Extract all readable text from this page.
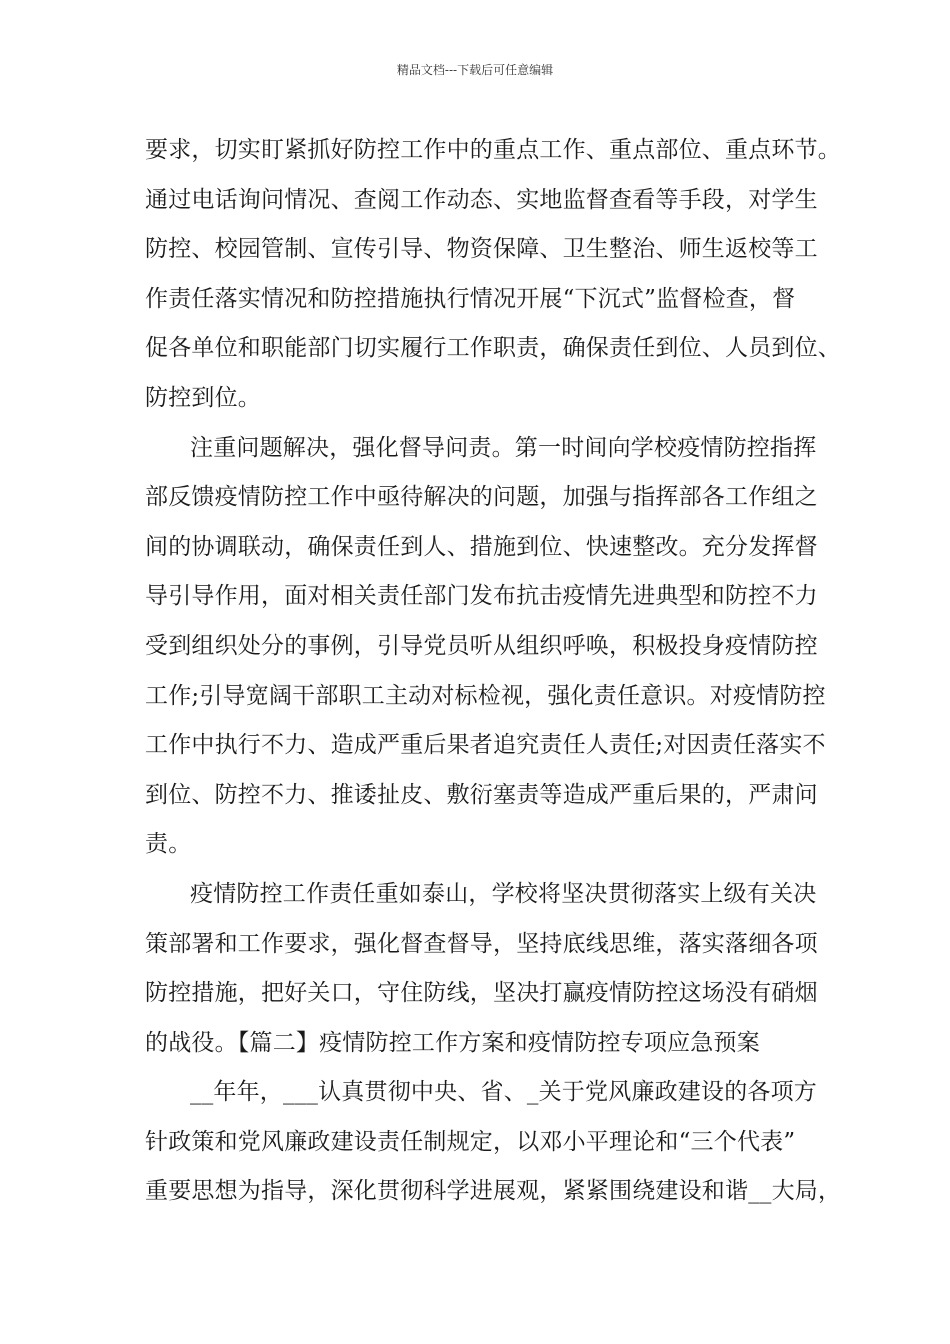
精品文档---下载后可任意编辑
要求，切实盯紧抓好防控工作中的重点工作、重点部位、重点环节。
通过电话询问情况、查阅工作动态、实地监督查看等手段，对学生
防控、校园管制、宣传引导、物资保障、卫生整治、师生返校等工
作责任落实情况和防控措施执行情况开展“下沉式”监督检查，督
促各单位和职能部门切实履行工作职责，确保责任到位、人员到位、
防控到位。
注重问题解决，强化督导问责。第一时间向学校疫情防控指挥
部反馈疫情防控工作中亟待解决的问题，加强与指挥部各工作组之
间的协调联动，确保责任到人、措施到位、快速整改。充分发挥督
导引导作用，面对相关责任部门发布抗击疫情先进典型和防控不力
受到组织处分的事例，引导党员听从组织呼唤，积极投身疫情防控
工作;引导宽阔干部职工主动对标检视，强化责任意识。对疫情防控
工作中执行不力、造成严重后果者追究责任人责任;对因责任落实不
到位、防控不力、推诿扯皮、敷衍塞责等造成严重后果的，严肃问
责。
疫情防控工作责任重如泰山，学校将坚决贯彻落实上级有关决
策部署和工作要求，强化督查督导，坚持底线思维，落实落细各项
防控措施，把好关口，守住防线，坚决打赢疫情防控这场没有硝烟
的战役。【篇二】疫情防控工作方案和疫情防控专项应急预案
__年年，___认真贯彻中央、省、_关于党风廉政建设的各项方
针政策和党风廉政建设责任制规定，以邓小平理论和“三个代表”
重要思想为指导，深化贯彻科学进展观，紧紧围绕建设和谐__大局，
